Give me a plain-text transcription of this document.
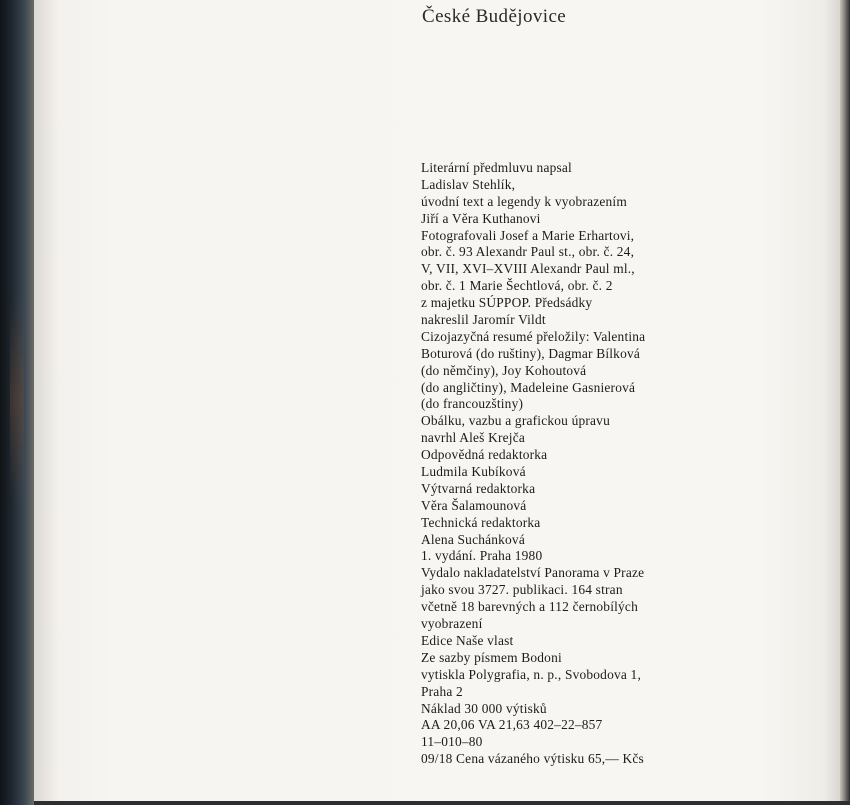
České Budějovice
Literární předmluvu napsal
Ladislav Stehlík,
úvodní text a legendy k vyobrazením
Jiří a Věra Kuthanovi
Fotografovali Josef a Marie Erhartovi,
obr. č. 93 Alexandr Paul st., obr. č. 24,
V, VII, XVI–XVIII Alexandr Paul ml.,
obr. č. 1 Marie Šechtlová, obr. č. 2
z majetku SÚPPOP. Předsádky
nakreslil Jaromír Vildt
Cizojazyčná resumé přeložily: Valentina
Boturová (do ruštiny), Dagmar Bílková
(do němčiny), Joy Kohoutová
(do angličtiny), Madeleine Gasnierová
(do francouzštiny)
Obálku, vazbu a grafickou úpravu
navrhl Aleš Krejča
Odpovědná redaktorka
Ludmila Kubíková
Výtvarná redaktorka
Věra Šalamounová
Technická redaktorka
Alena Suchánková
1. vydání. Praha 1980
Vydalo nakladatelství Panorama v Praze
jako svou 3727. publikaci. 164 stran
včetně 18 barevných a 112 černobílých
vyobrazení
Edice Naše vlast
Ze sazby písmem Bodoni
vytiskla Polygrafia, n. p., Svobodova 1,
Praha 2
Náklad 30 000 výtisků
AA 20,06 VA 21,63 402–22–857
11–010–80
09/18 Cena vázaného výtisku 65,— Kčs
